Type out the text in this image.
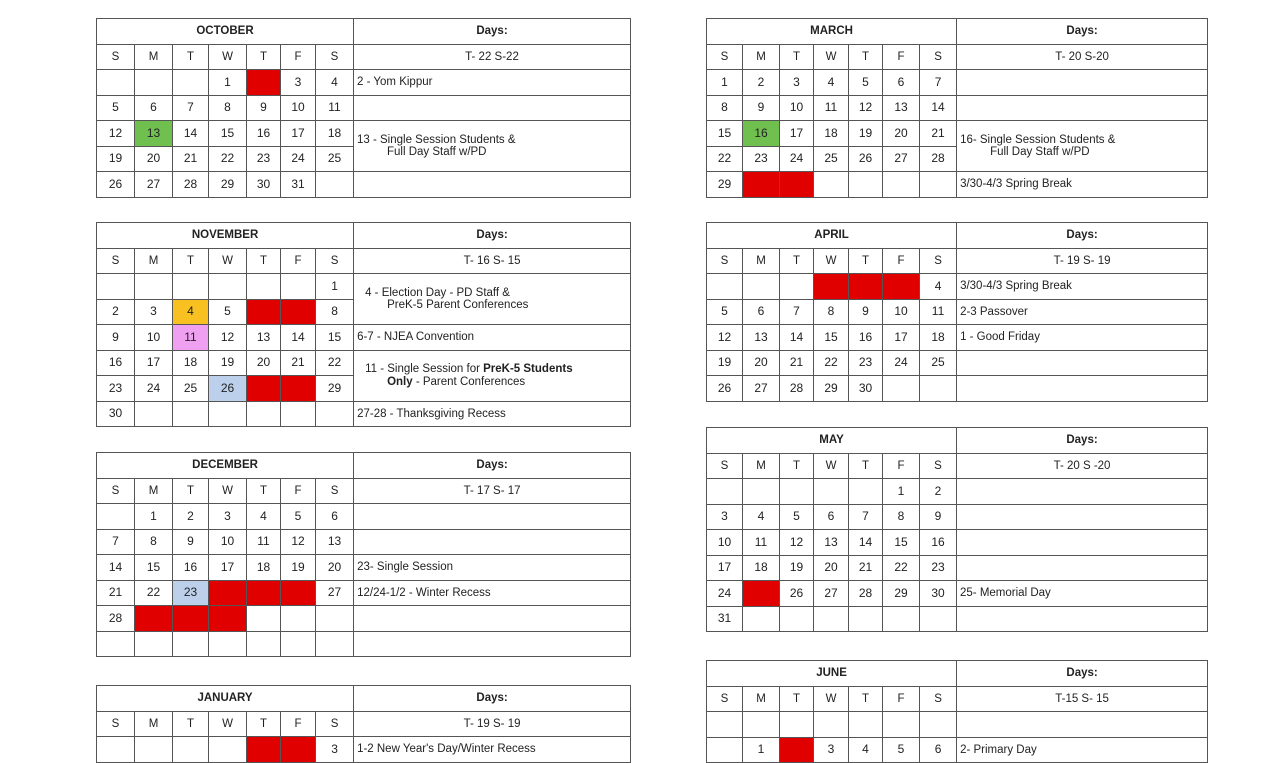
OCTOBER							Days:
S	M	T	W	T	F	S	T- 22 S-22
			1	2	3	4	2 - Yom Kippur

5	6	7	8	9	10	11	
12	13	14	15	16	17	18	13 - Single Session Students &
Full Day Staff w/PD

19	20	21	22	23	24	25	
26	27	28	29	30	31		
NOVEMBER							Days:
S	M	T	W	T	F	S	T- 16 S- 15
						1	4 - Election Day - PD Staff &
PreK-5 Parent Conferences

2	3	4	5	6	7	8	
9	10	11	12	13	14	15	6-7 - NJEA Convention

16	17	18	19	20	21	22	11 - Single Session for PreK-5 Students
Only - Parent Conferences

23	24	25	26	27	28	29	
30							27-28 - Thanksgiving Recess
DECEMBER							Days:
S	M	T	W	T	F	S	T- 17 S- 17
	1	2	3	4	5	6	
7	8	9	10	11	12	13	
14	15	16	17	18	19	20	23- Single Session

21	22	23	24	25	26	27	12/24-1/2 - Winter Recess

28	29	30	31				

JANUARY							Days:
S	M	T	W	T	F	S	T- 19 S- 19
				1	2	3	1-2 New Year's Day/Winter Recess
MARCH							Days:
S	M	T	W	T	F	S	T- 20 S-20
1	2	3	4	5	6	7	
8	9	10	11	12	13	14	
15	16	17	18	19	20	21	16- Single Session Students &
Full Day Staff w/PD

22	23	24	25	26	27	28	
29	30	31					3/30-4/3 Spring Break
APRIL							Days:
S	M	T	W	T	F	S	T- 19 S- 19
			1	2	3	4	3/30-4/3 Spring Break

5	6	7	8	9	10	11	2-3 Passover

12	13	14	15	16	17	18	1 - Good Friday

19	20	21	22	23	24	25	
26	27	28	29	30			
MAY							Days:
S	M	T	W	T	F	S	T- 20 S -20
					1	2	
3	4	5	6	7	8	9	
10	11	12	13	14	15	16	
17	18	19	20	21	22	23	
24	25	26	27	28	29	30	25- Memorial Day

31							
JUNE							Days:
S	M	T	W	T	F	S	T-15 S- 15

	1	2	3	4	5	6	2- Primary Day
